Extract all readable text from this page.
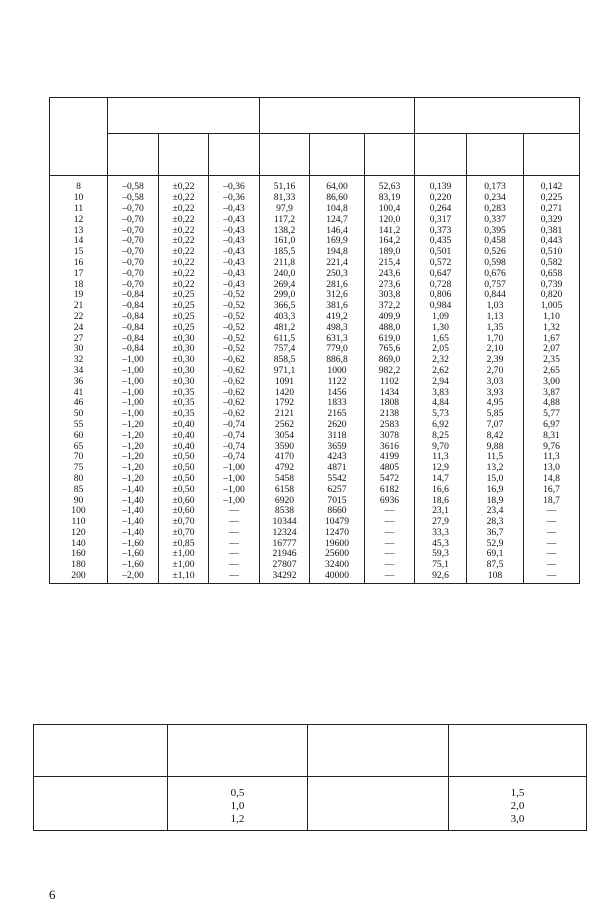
8	–0,58	±0,22	–0,36	51,16	64,00	52,63	0,139	0,173	0,142
10	–0,58	±0,22	–0,36	81,33	86,60	83,19	0,220	0,234	0,225
11	–0,70	±0,22	–0,43	97,9	104,8	100,4	0,264	0,283	0,271
12	–0,70	±0,22	–0,43	117,2	124,7	120,0	0,317	0,337	0,329
13	–0,70	±0,22	–0,43	138,2	146,4	141,2	0,373	0,395	0,381
14	–0,70	±0,22	–0,43	161,0	169,9	164,2	0,435	0,458	0,443
15	–0,70	±0,22	–0,43	185,5	194,8	189,0	0,501	0,526	0,510
16	–0,70	±0,22	–0,43	211,8	221,4	215,4	0,572	0,598	0,582
17	–0,70	±0,22	–0,43	240,0	250,3	243,6	0,647	0,676	0,658
18	–0,70	±0,22	–0,43	269,4	281,6	273,6	0,728	0,757	0,739
19	–0,84	±0,25	–0,52	299,0	312,6	303,8	0,806	0,844	0,820
21	–0,84	±0,25	–0,52	366,5	381,6	372,2	0,984	1,03	1,005
22	–0,84	±0,25	–0,52	403,3	419,2	409,9	1,09	1,13	1,10
24	–0,84	±0,25	–0,52	481,2	498,3	488,0	1,30	1,35	1,32
27	–0,84	±0,30	–0,52	611,5	631,3	619,0	1,65	1,70	1,67
30	–0,84	±0,30	–0,52	757,4	779,0	765,6	2,05	2,10	2,07
32	–1,00	±0,30	–0,62	858,5	886,8	869,0	2,32	2,39	2,35
34	–1,00	±0,30	–0,62	971,1	1000	982,2	2,62	2,70	2,65
36	–1,00	±0,30	–0,62	1091	1122	1102	2,94	3,03	3,00
41	–1,00	±0,35	–0,62	1420	1456	1434	3,83	3,93	3,87
46	–1,00	±0,35	–0,62	1792	1833	1808	4,84	4,95	4,88
50	–1,00	±0,35	–0,62	2121	2165	2138	5,73	5,85	5,77
55	–1,20	±0,40	–0,74	2562	2620	2583	6,92	7,07	6,97
60	–1,20	±0,40	–0,74	3054	3118	3078	8,25	8,42	8,31
65	–1,20	±0,40	–0,74	3590	3659	3616	9,70	9,88	9,76
70	–1,20	±0,50	–0,74	4170	4243	4199	11,3	11,5	11,3
75	–1,20	±0,50	–1,00	4792	4871	4805	12,9	13,2	13,0
80	–1,20	±0,50	–1,00	5458	5542	5472	14,7	15,0	14,8
85	–1,40	±0,50	–1,00	6158	6257	6182	16,6	16,9	16,7
90	–1,40	±0,60	–1,00	6920	7015	6936	18,6	18,9	18,7
100	–1,40	±0,60	—	8538	8660	—	23,1	23,4	—
110	–1,40	±0,70	—	10344	10479	—	27,9	28,3	—
120	–1,40	±0,70	—	12324	12470	—	33,3	36,7	—
140	–1,60	±0,85	—	16777	19600	—	45,3	52,9	—
160	–1,60	±1,00	—	21946	25600	—	59,3	69,1	—
180	–1,60	±1,00	—	27807	32400	—	75,1	87,5	—
200	–2,00	±1,10	—	34292	40000	—	92,6	108	—

	0,5		1,5
	1,0		2,0
	1,2		3,0
6
